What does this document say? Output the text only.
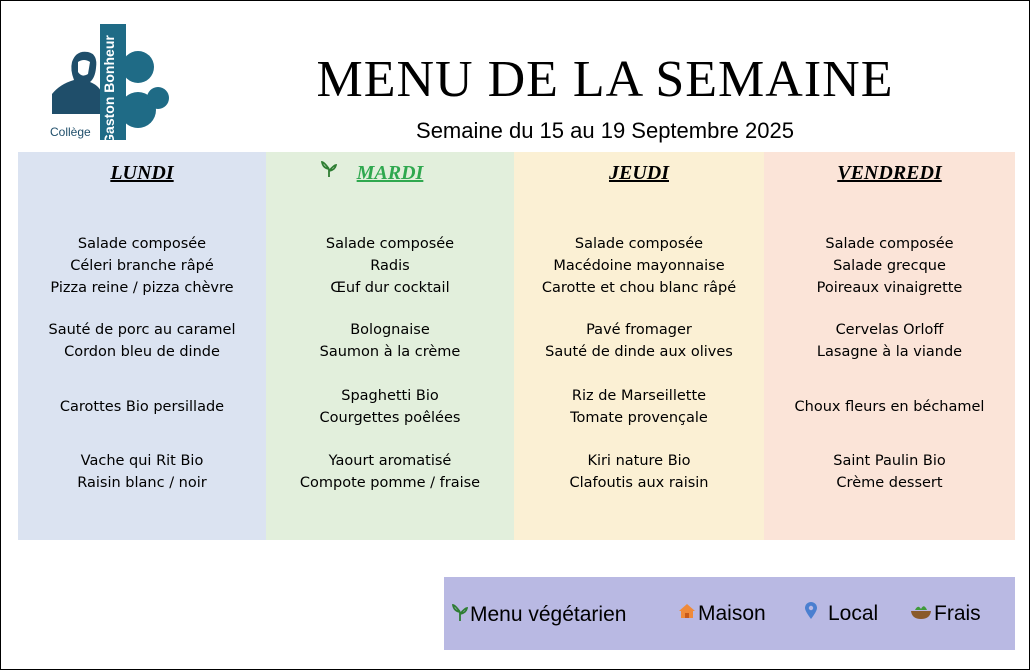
Gaston Bonheur
Collège
MENU DE LA SEMAINE
Semaine du 15 au 19 Septembre 2025
LUNDI
Salade composée
Céleri branche râpé
Pizza reine / pizza chèvre
Sauté de porc au caramel
Cordon bleu de dinde
Carottes Bio persillade
Vache qui Rit Bio
Raisin blanc / noir
MARDI
Salade composée
Radis
Œuf dur cocktail
Bolognaise
Saumon à la crème
Spaghetti Bio
Courgettes poêlées
Yaourt aromatisé
Compote pomme / fraise
JEUDI
Salade composée
Macédoine mayonnaise
Carotte et chou blanc râpé
Pavé fromager
Sauté de dinde aux olives
Riz de Marseillette
Tomate provençale
Kiri nature Bio
Clafoutis aux raisin
VENDREDI
Salade composée
Salade grecque
Poireaux vinaigrette
Cervelas Orloff
Lasagne à la viande
Choux fleurs en béchamel
Saint Paulin Bio
Crème dessert
Menu végétarien	Maison	Local	Frais
